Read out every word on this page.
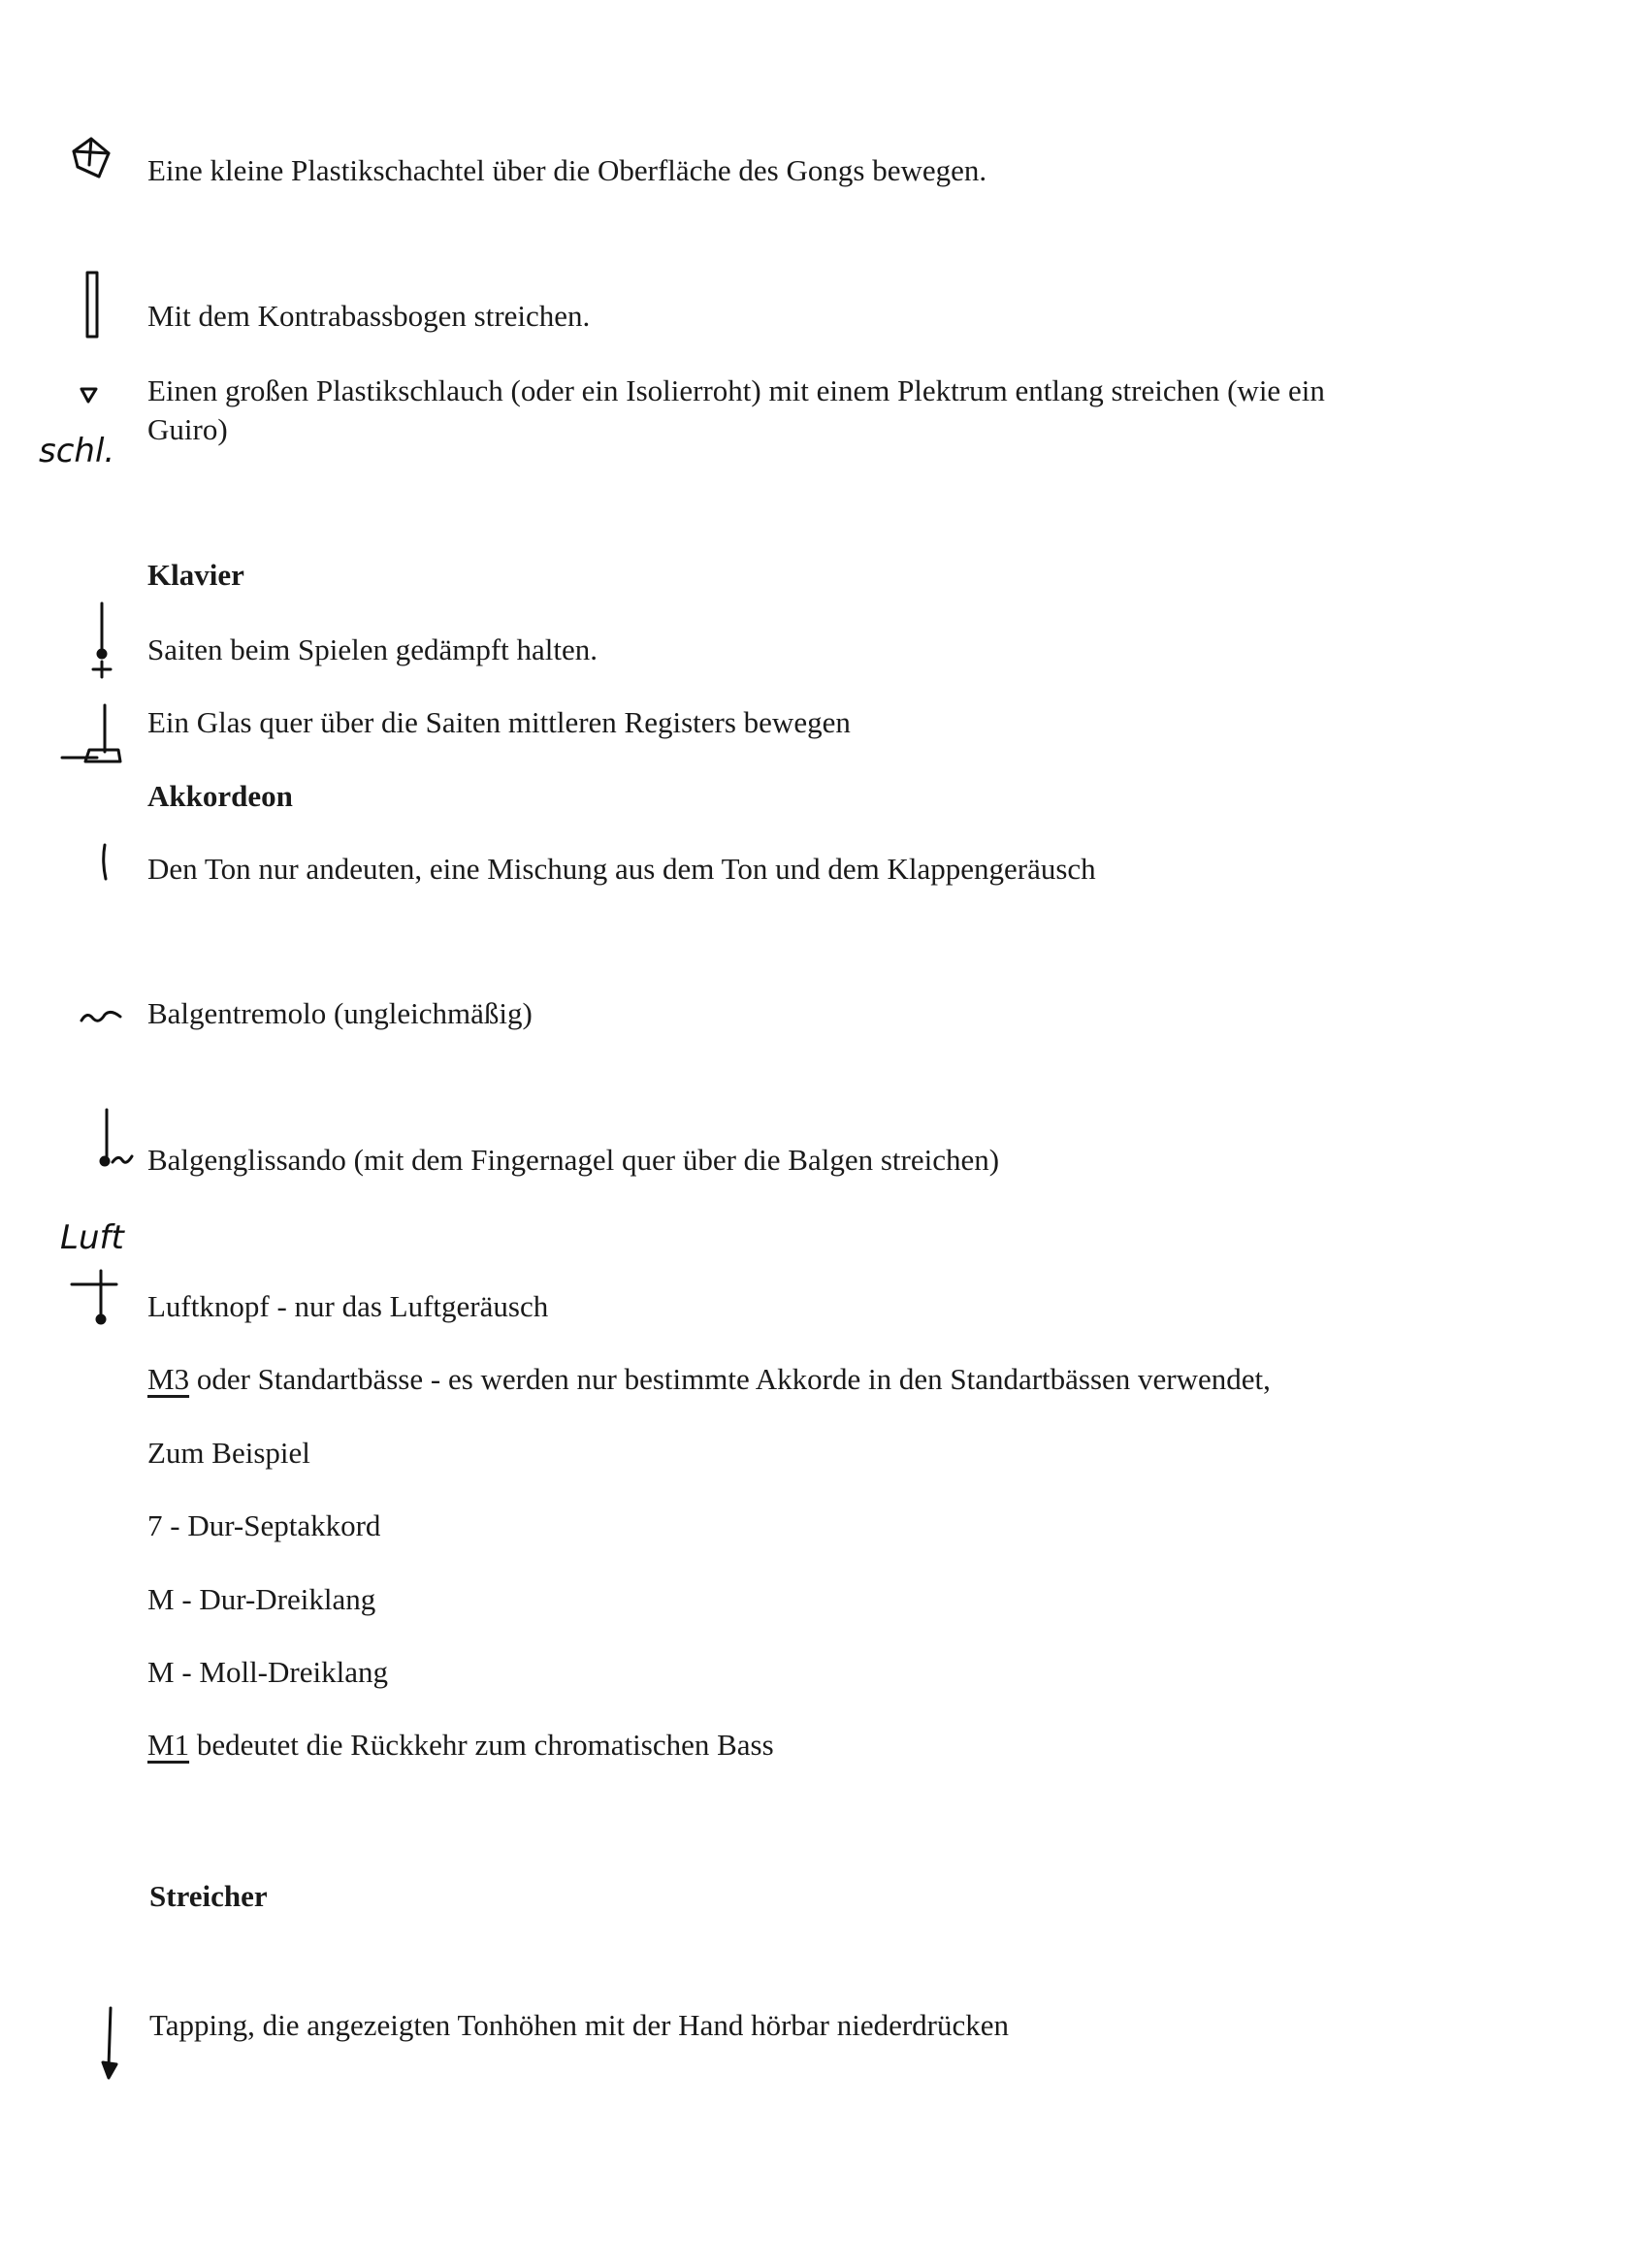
Eine kleine Plastikschachtel über die Oberfläche des Gongs bewegen.
Mit dem Kontrabassbogen streichen.
schl.
Einen großen Plastikschlauch (oder ein Isolierroht) mit einem Plektrum entlang streichen (wie ein
Guiro)
Klavier
Saiten beim Spielen gedämpft halten.
Ein Glas quer über die Saiten mittleren Registers bewegen
Akkordeon
Den Ton nur andeuten, eine Mischung aus dem Ton und dem Klappengeräusch
Balgentremolo (ungleichmäßig)
Balgenglissando (mit dem Fingernagel quer über die Balgen streichen)
Luft
Luftknopf - nur das Luftgeräusch
M3 oder Standartbässe - es werden nur bestimmte Akkorde in den Standartbässen verwendet,
Zum Beispiel
7 - Dur-Septakkord
M - Dur-Dreiklang
M - Moll-Dreiklang
M1 bedeutet die Rückkehr zum chromatischen Bass
Streicher
Tapping, die angezeigten Tonhöhen mit der Hand hörbar niederdrücken
